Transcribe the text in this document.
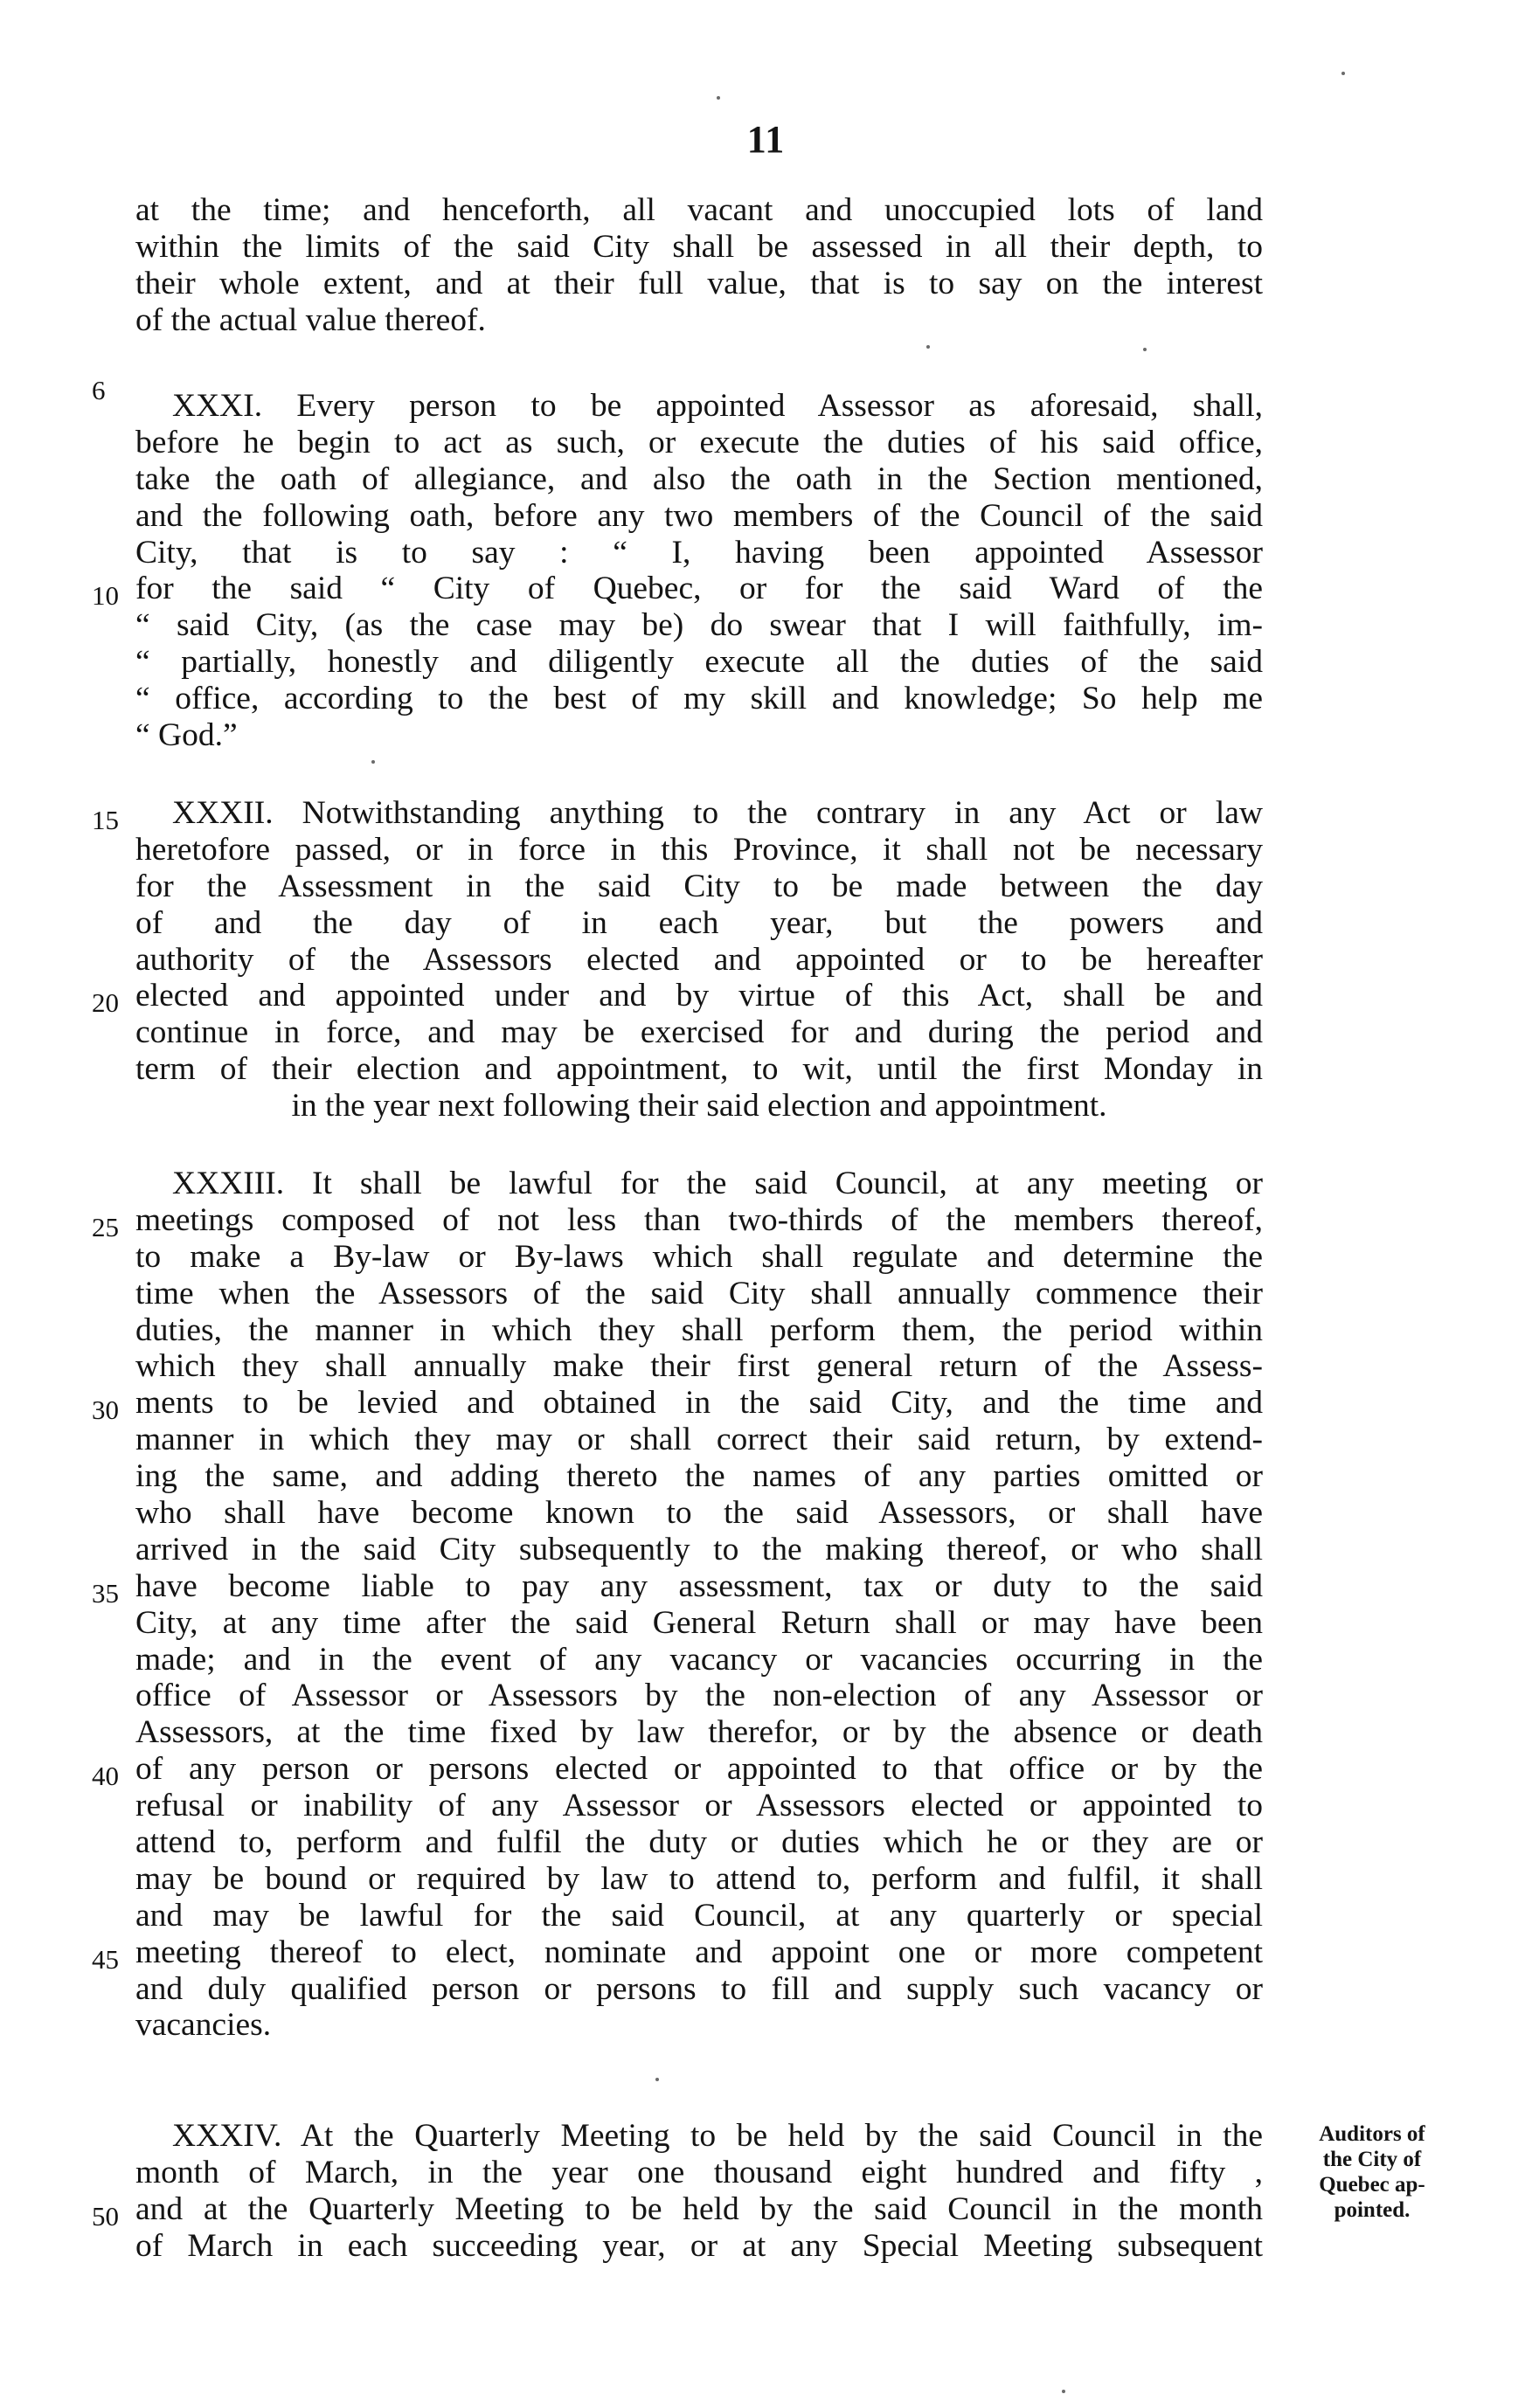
11
at the time; and henceforth, all vacant and unoccupied lots of land
within the limits of the said City shall be assessed in all their depth, to
their whole extent, and at their full value, that is to say on the interest
of the actual value thereof.
6	XXXI. Every person to be appointed Assessor as aforesaid, shall,
before he begin to act as such, or execute the duties of his said office,
take the oath of allegiance, and also the oath in the Section mentioned,
and the following oath, before any two members of the Council of the said
City, that is to say : “ I, having been appointed Assessor
10 for the said “ City of Quebec, or for the said Ward of the
“ said City, (as the case may be) do swear that I will faithfully, im-
“ partially, honestly and diligently execute all the duties of the said
“ office, according to the best of my skill and knowledge; So help me
“ God.”
15	XXXII. Notwithstanding anything to the contrary in any Act or law
heretofore passed, or in force in this Province, it shall not be necessary
for the Assessment in the said City to be made between the day
of and the day of in each year, but the powers and
authority of the Assessors elected and appointed or to be hereafter
20 elected and appointed under and by virtue of this Act, shall be and
continue in force, and may be exercised for and during the period and
term of their election and appointment, to wit, until the first Monday in
in the year next following their said election and appointment.
XXXIII. It shall be lawful for the said Council, at any meeting or
25 meetings composed of not less than two-thirds of the members thereof,
to make a By-law or By-laws which shall regulate and determine the
time when the Assessors of the said City shall annually commence their
duties, the manner in which they shall perform them, the period within
which they shall annually make their first general return of the Assess-
30 ments to be levied and obtained in the said City, and the time and
manner in which they may or shall correct their said return, by extend-
ing the same, and adding thereto the names of any parties omitted or
who shall have become known to the said Assessors, or shall have
arrived in the said City subsequently to the making thereof, or who shall
35 have become liable to pay any assessment, tax or duty to the said
City, at any time after the said General Return shall or may have been
made; and in the event of any vacancy or vacancies occurring in the
office of Assessor or Assessors by the non-election of any Assessor or
Assessors, at the time fixed by law therefor, or by the absence or death
40 of any person or persons elected or appointed to that office or by the
refusal or inability of any Assessor or Assessors elected or appointed to
attend to, perform and fulfil the duty or duties which he or they are or
may be bound or required by law to attend to, perform and fulfil, it shall
and may be lawful for the said Council, at any quarterly or special
45 meeting thereof to elect, nominate and appoint one or more competent
and duly qualified person or persons to fill and supply such vacancy or
vacancies.
XXXIV. At the Quarterly Meeting to be held by the said Council in the
month of March, in the year one thousand eight hundred and fifty ,
50 and at the Quarterly Meeting to be held by the said Council in the month
of March in each succeeding year, or at any Special Meeting subsequent
Auditors of
the City of
Quebec ap-
pointed.
